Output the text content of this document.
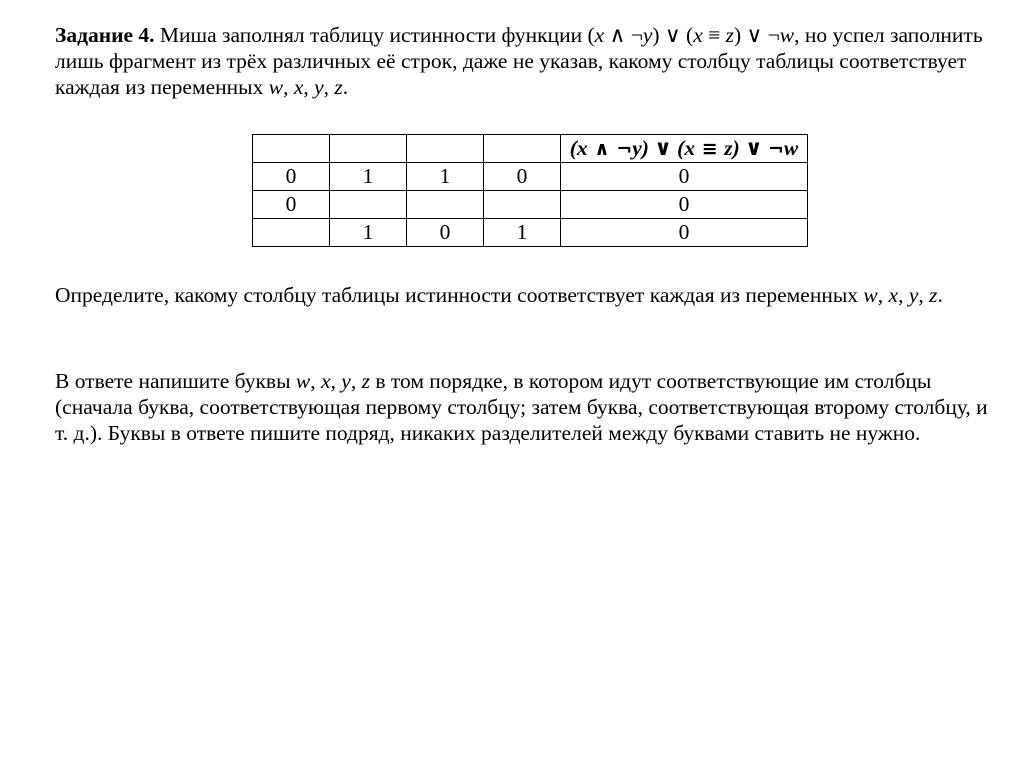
Задание 4. Миша заполнял таблицу истинности функции (x ∧ ¬y) ∨ (x ≡ z) ∨ ¬w, но успел заполнить лишь фрагмент из трёх различных её строк, даже не указав, какому столбцу таблицы соответствует каждая из переменных w, x, y, z.

				(x ∧ ¬y) ∨ (x ≡ z) ∨ ¬w
0	1	1	0	0
0				0
	1	0	1	0

Определите, какому столбцу таблицы истинности соответствует каждая из переменных w, x, y, z.

В ответе напишите буквы w, x, y, z в том порядке, в котором идут соответствующие им столбцы (сначала буква, соответствующая первому столбцу; затем буква, соответствующая второму столбцу, и т. д.). Буквы в ответе пишите подряд, никаких разделителей между буквами ставить не нужно.
